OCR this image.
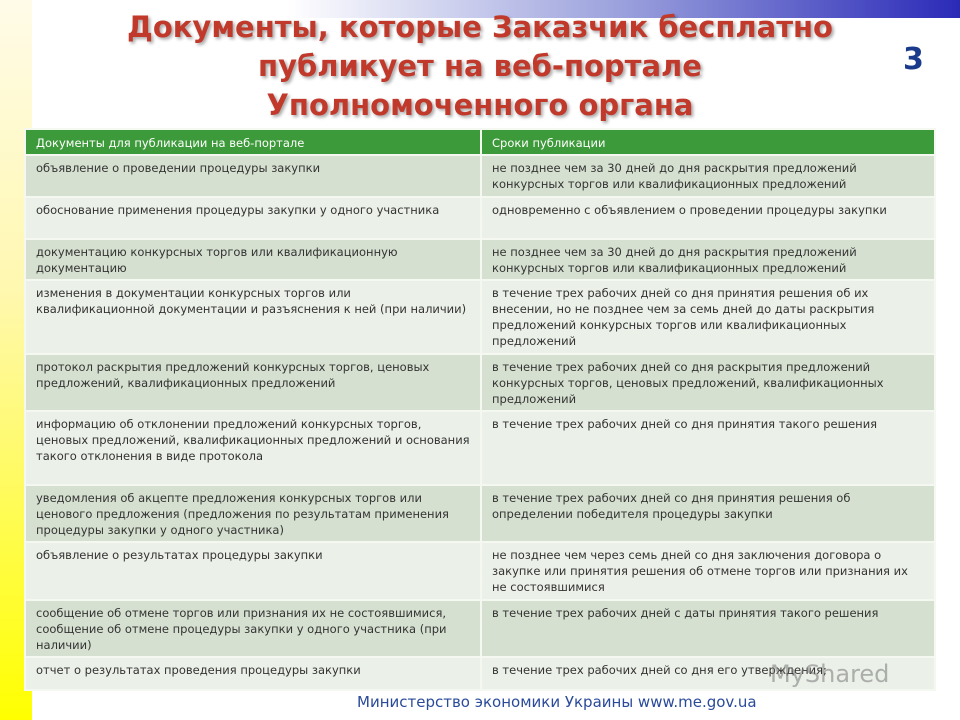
Документы, которые Заказчик бесплатно
публикует на веб-портале
Уполномоченного органа
3
Документы для публикации на веб-портале	Сроки публикации
объявление о проведении процедуры закупки	не позднее чем за 30 дней до дня раскрытия предложений конкурсных торгов или квалификационных предложений
обоснование применения процедуры закупки у одного участника	одновременно с объявлением о проведении процедуры закупки
документацию конкурсных торгов или квалификационную документацию	не позднее чем за 30 дней до дня раскрытия предложений конкурсных торгов или квалификационных предложений
изменения в документации конкурсных торгов или квалификационной документации и разъяснения к ней (при наличии)	в течение трех рабочих дней со дня принятия решения об их внесении, но не позднее чем за семь дней до даты раскрытия предложений конкурсных торгов или квалификационных предложений
протокол раскрытия предложений конкурсных торгов, ценовых предложений, квалификационных предложений	в течение трех рабочих дней со дня раскрытия предложений конкурсных торгов, ценовых предложений, квалификационных предложений
информацию об отклонении предложений конкурсных торгов, ценовых предложений, квалификационных предложений и основания такого отклонения в виде протокола	в течение трех рабочих дней со дня принятия такого решения
уведомления об акцепте предложения конкурсных торгов или ценового предложения (предложения по результатам применения процедуры закупки у одного участника)	в течение трех рабочих дней со дня принятия решения об определении победителя процедуры закупки
объявление о результатах процедуры закупки	не позднее чем через семь дней со дня заключения договора о закупке или принятия решения об отмене торгов или признания их не состоявшимися
сообщение об отмене торгов или признания их не состоявшимися, сообщение об отмене процедуры закупки у одного участника (при наличии)	в течение трех рабочих дней с даты принятия такого решения
отчет о результатах проведения процедуры закупки	в течение трех рабочих дней со дня его утверждения;
Министерство экономики Украины www.me.gov.ua
MyShared
